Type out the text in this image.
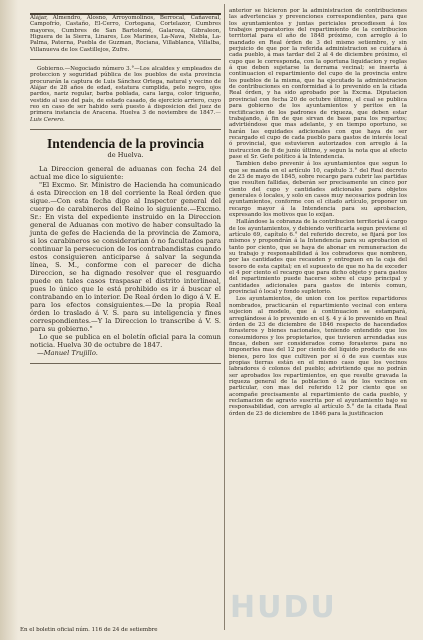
Alájar, Almendro, Alosno, Arroyomolinos, Berrocal, Cañaveral, Campofrío, Castaño, El-Cerro, Cortegana, Cortelazor, Cumbres mayores, Cumbres de San Bartolomé, Galaroza, Gibraleon, Higuera de la Sierra, Linares, Los Marines, La-Nava, Niebla, La-Palma, Paterna, Puebla de Guzman, Rociana, Villablanca, Villalba, Villanueva de los Castillejos, Zufre.

Gobierno.—Negociado número 3.°—Los alcaldes y empleados de proteccion y seguridad pública de los pueblos de esta provincia procurarán la captura de Luis Sánchez Ortega, natural y vecino de Alájar de 28 años de edad, estatura cumplida, pelo negro, ojos pardos, nariz regular, barba poblada, cara larga, color trigueño, vestido al uso del país, de estado casado, de ejercicio arriero, cuyo reo en caso de ser habido será puesto á disposicion del juez de primera instancia de Aracena. Huelva 3 de noviembre de 1847.—Luis Cerero.

Intendencia de la provincia
de Huelva.

La Direccion general de aduanas con fecha 24 del actual me dice lo siguiente:

"El Excmo. Sr. Ministro de Hacienda ha comunicado á esta Direccion en 18 del corriente la Real órden que sigue.—Con esta fecha digo al Inspector general del cuerpo de carabineros del Reino lo siguiente.—Excmo. Sr.: En vista del expediente instruido en la Direccion general de Aduanas con motivo de haber consultado la junta de gefes de Hacienda de la provincia de Zamora, si los carabineros se considerarian ó no facultados para continuar la persecucion de los contrabandistas cuando estos consiguieren anticiparse á salvar la segunda línea, S. M., conforme con el parecer de dicha Direccion, se ha dignado resolver que el resguardo puede en tales casos traspasar el distrito interlineal, pues lo único que le está prohibido es ir á buscar el contrabando en lo interior. De Real órden lo digo á V. E. para los efectos consiguientes.—De la propia Real órden lo traslado á V. S. para su inteligencia y fines correspondientes.—Y la Direccion lo transcribe á V. S. para su gobierno."

Lo que se publica en el boletín oficial para la comun noticia. Huelva 30 de octubre de 1847.

—Manuel Trujillo.

En el boletin oficial núm. 116 de 24 de setiembre

anterior se hicieron por la administracion de contribuciones las advertencias y prevenciones correspondientes, para que los ayuntamientos y juntas periciales procediesen á los trabajos preparatorios del repartimiento de la contribucion territorial para el año de 1848 próximo, con arreglo á lo mandado en Real órden de 3 del mismo setiembre, y sin perjuicio de que por la referida administracion se cuidara á cada pueblo, á mas tardar del 2 al 4 de diciembre próximo, el cupo que le corresponda, con la oportuna liquidacion y reglas á que deben sujetarse la derrama vecinal; se inserta á continuacion el repartimiento del cupo de la provincia entre los pueblos de la misma, que ha ejecutado la administracion de contribuciones en conformidad á lo prevenido en la citada Real órden, y ha sido aprobado por la Excma. Diputacion provincial con fecha 20 de octubre último, el cual se publica para gobierno de los ayuntamientos y peritos en la rectificacion de los padrones de riqueza, que deben estar trabajando, á fin de que sirvan de base para los repartos; advirtiéndose que mas adelante, y en tiempo oportuno, se harán las equidades adicionales con que haya de ser recargado el cupo de cada pueblo para gastos de interés local ó provincial, que estuvieren autorizados con arreglo á la instruccion de 8 de junio último, y segun la nota que al efecto pase el Sr. Gefe político á la Intendencia.

Tambien debo prevenir á los ayuntamientos que segun lo que se manda en el artículo 10, capítulo 3.° del Real decreto de 23 de mayo de 1845, sobre recargo para cubrir las partidas que resulten fallidas, deberán ser precisamente un cinco por ciento del cupo y cantidades adicionales para objetos generales ó locales, y solo en casos muy necesarios podrán los ayuntamientos, conforme con el citado artículo, proponer un recargo mayor á la Intendencia para su aprobacion, expresando los motivos que lo exijan.

Hallándose la cobranza de la contribucion territorial á cargo de los ayuntamientos, y debiendo verificarla segun previene el artículo 69, capítulo 6.° del referido decreto, se fijará por los mismos y propondrán á la Intendencia para su aprobacion el tanto por ciento, que se haya de abonar en remuneracion de su trabajo y responsabilidad á los cobradores que nombren, por las cantidades que recauden y entreguen en la caja del tesoro de esta capital; en el supuesto de que no ha de exceder el 4 por ciento el recargo que para dicho objeto y para gastos del repartimiento puede hacerse sobre el cupo principal y cantidades adicionales para gastos de interés comun, provincial ó local y fondo supletorio.

Los ayuntamientos, de union con los peritos repartidores nombrados, practicarán el repartimiento vecinal con entera sujecion al modelo, que á continuacion se estampará, arreglándose á lo prevenido en el §. 4 y á lo prevenido en Real órden de 23 de diciembre de 1846 respecto de hacendados forasteros y bienes nacionales, teniendo entendido que los consumidores y los propietarios, que tuvieren arrendadas sus fincas, deben ser considerados como forasteros para no imponerles mas del 12 por ciento del líquido producto de sus bienes, pero los que cultiven por sí ó de sus cuentas sus propias tierras están en el mismo caso que los vecinos labradores ó colonos del pueblo; advirtiendo que no podrán ser aprobados los repartimientos, en que resulte gravada la riqueza general de la poblacion ó la de los vecinos en particular, con mas del referido 12 por ciento que se acompañe precisamente al repartimiento de cada pueblo, y reclamacion de agravio suscrita por el ayuntamiento bajo su responsabilidad, con arreglo al artículo 5.° de la citada Real órden de 23 de diciembre de 1846 para la justificacion

HUDU
